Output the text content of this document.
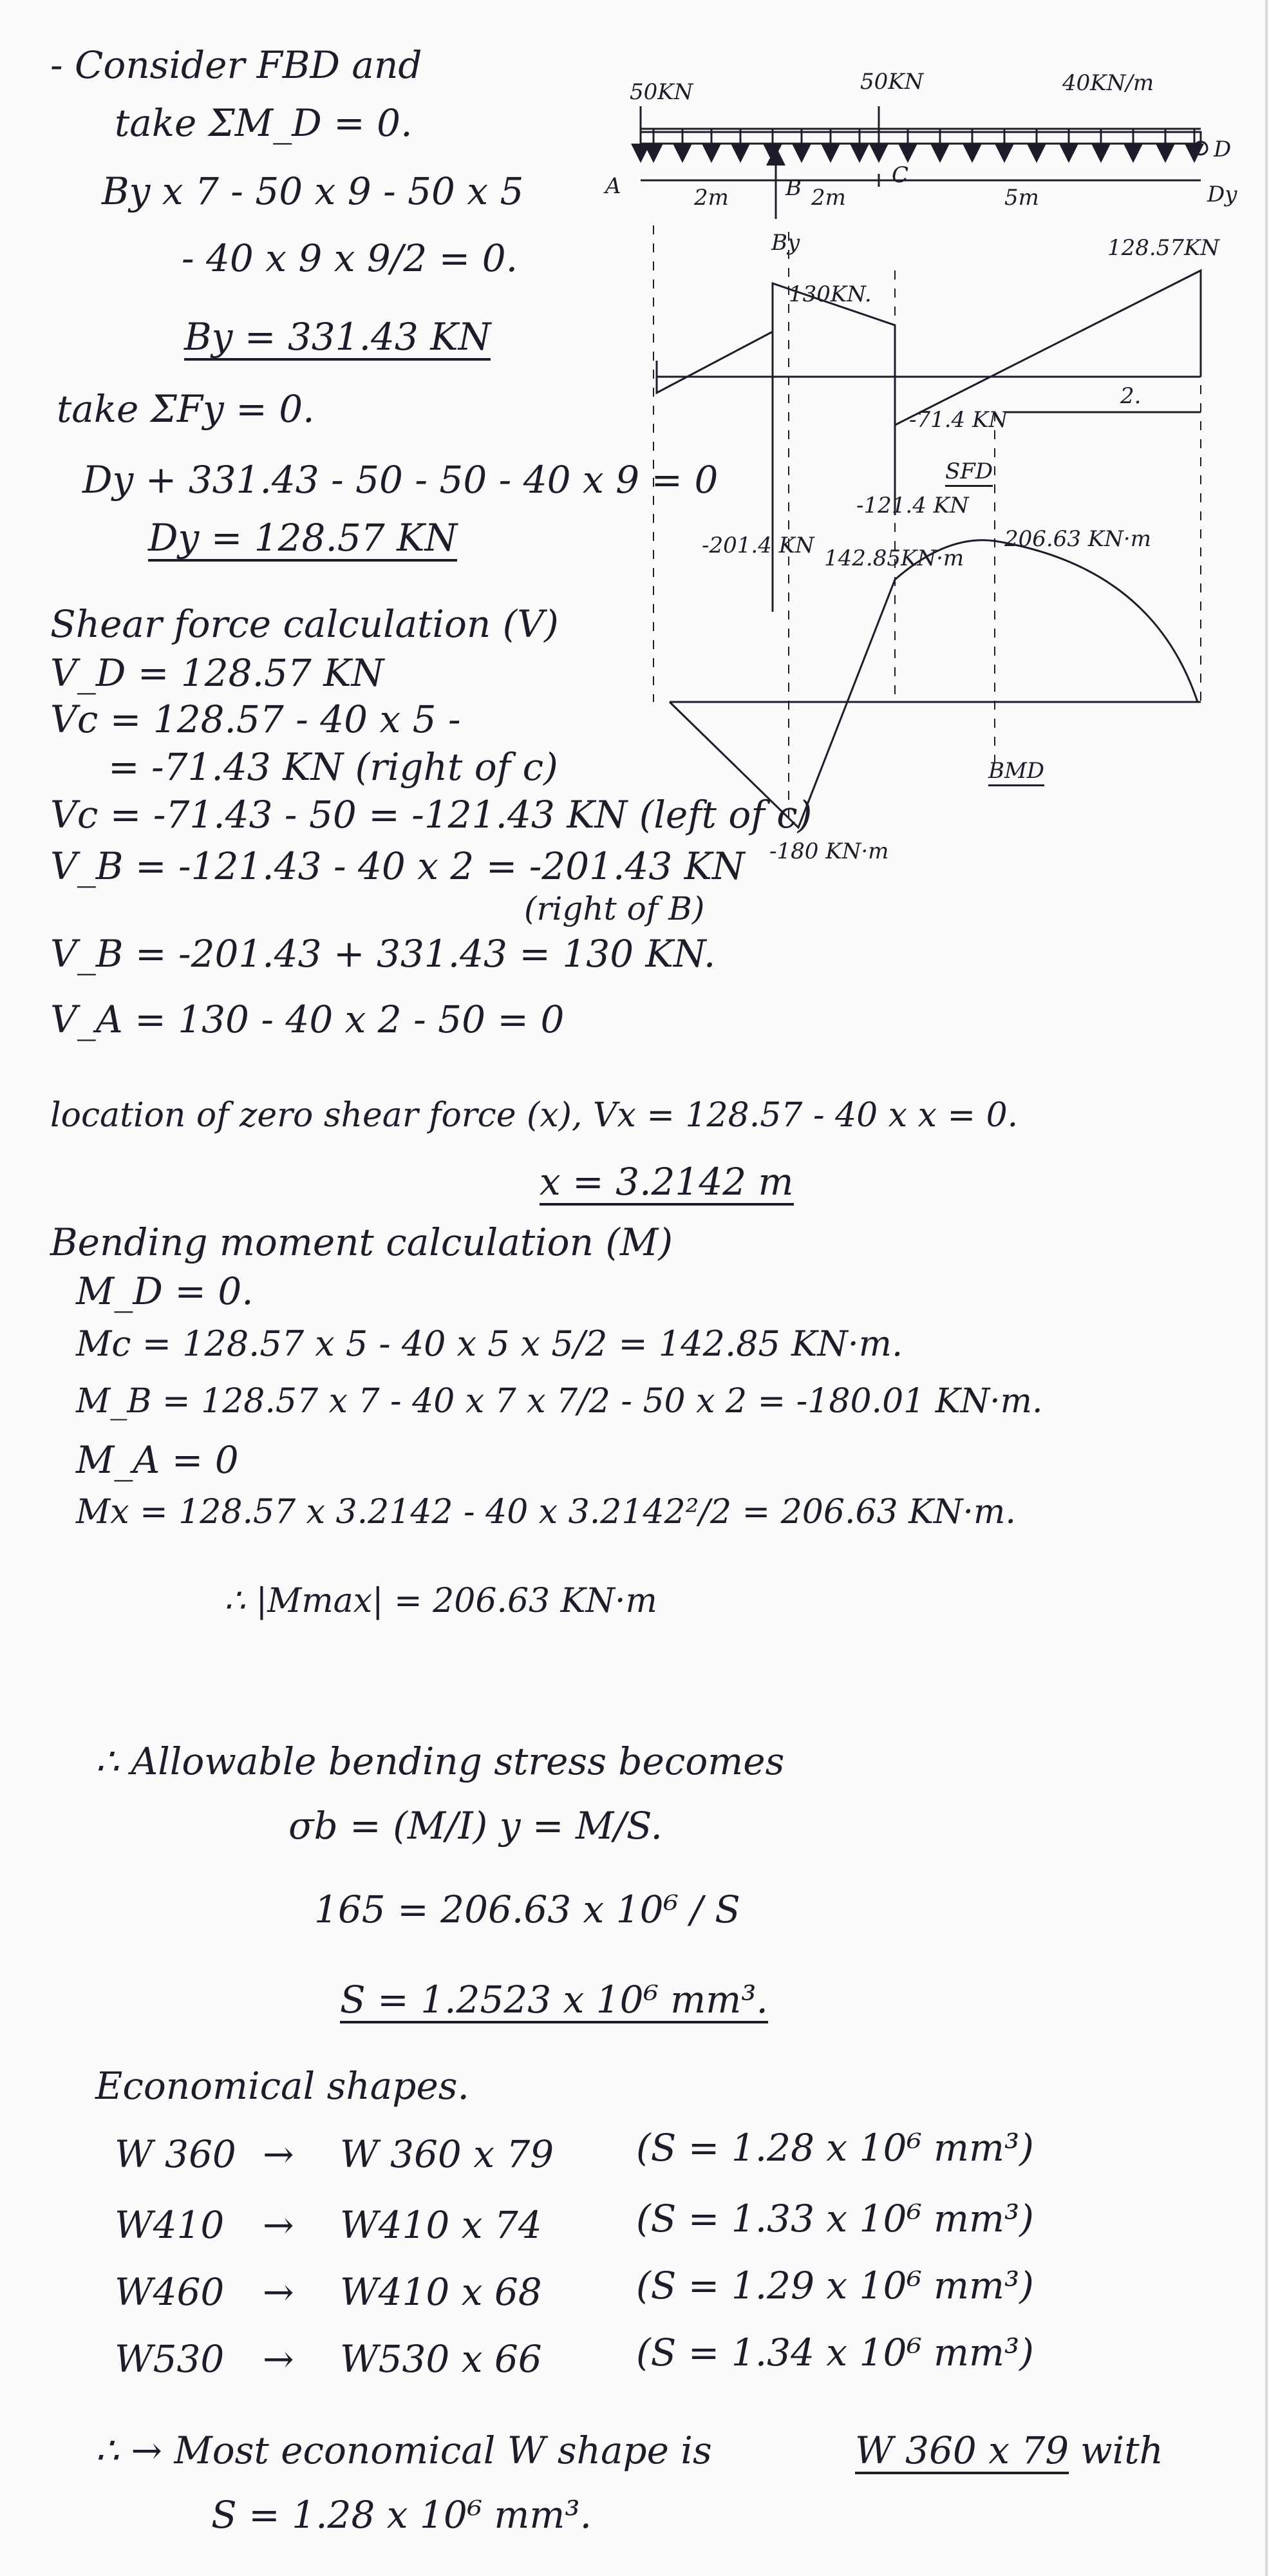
- Consider FBD and
take ΣM_D = 0.
By x 7 - 50 x 9 - 50 x 5
- 40 x 9 x 9/2 = 0.
By = 331.43 KN
take ΣFy = 0.
Dy + 331.43 - 50 - 50 - 40 x 9 = 0
Dy = 128.57 KN
Shear force calculation (V)
V_D = 128.57 KN
Vc = 128.57 - 40 x 5 -
= -71.43 KN (right of c)
Vc = -71.43 - 50 = -121.43 KN (left of c)
V_B = -121.43 - 40 x 2 = -201.43 KN
(right of B)
V_B = -201.43 + 331.43 = 130 KN.
V_A = 130 - 40 x 2 - 50 = 0
location of zero shear force (x), Vx = 128.57 - 40 x x = 0.
x = 3.2142 m
Bending moment calculation (M)
M_D = 0.
Mc = 128.57 x 5 - 40 x 5 x 5/2 = 142.85 KN·m.
M_B = 128.57 x 7 - 40 x 7 x 7/2 - 50 x 2 = -180.01 KN·m.
M_A = 0
Mx = 128.57 x 3.2142 - 40 x 3.2142²/2 = 206.63 KN·m.
∴ |Mmax| = 206.63 KN·m
∴ Allowable bending stress becomes
σb = (M/I) y = M/S.
165 = 206.63 x 10⁶ / S
S = 1.2523 x 10⁶ mm³.
Economical shapes.
W 360 → W 360 x 79 (S = 1.28 x 10⁶ mm³)
W410 → W410 x 74	(S = 1.33 x 10⁶ mm³)
W460 → W410 x 68	(S = 1.29 x 10⁶ mm³)
W530 → W530 x 66	(S = 1.34 x 10⁶ mm³)
∴ → Most economical W shape is	W 360 x 79 with
S = 1.28 x 10⁶ mm³.
50KN	50KN	40KN/m
A	B	C
D
2m	2m	5m
By
Dy
130KN.
128.57KN
-71.4 KN
2.
-121.4 KN
-201.4 KN
SFD
142.85KN·m
206.63 KN·m
BMD
-180 KN·m
